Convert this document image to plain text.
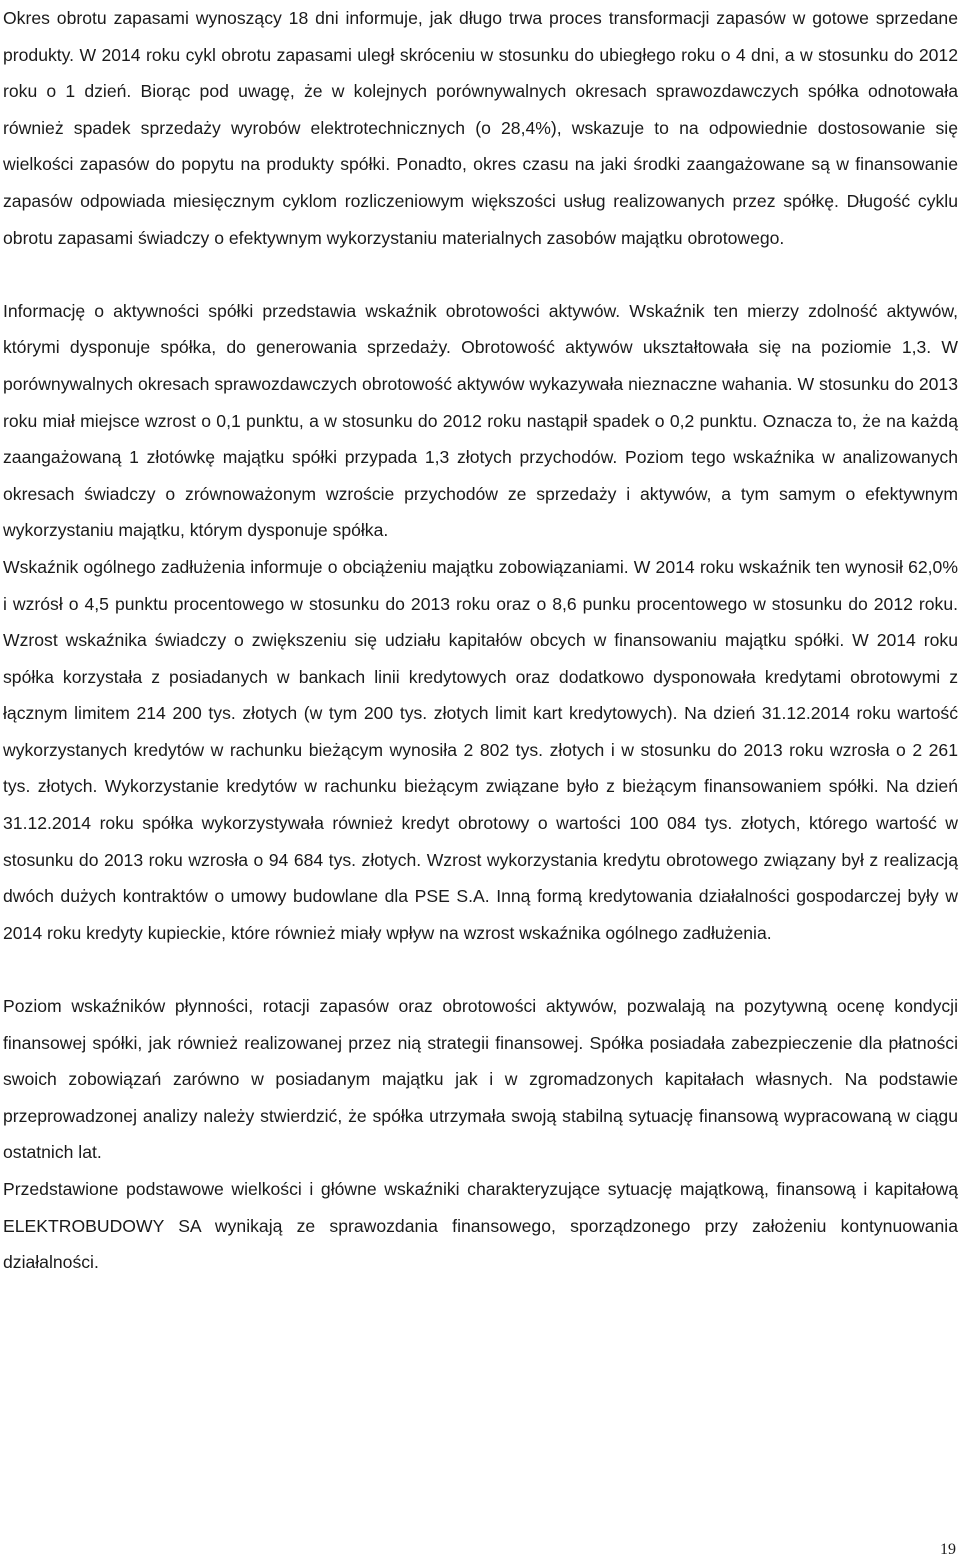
Okres obrotu zapasami wynoszący 18 dni informuje, jak długo trwa proces transformacji zapasów w gotowe sprzedane produkty. W 2014 roku cykl obrotu zapasami uległ skróceniu w stosunku do ubiegłego roku o 4 dni, a w stosunku do 2012 roku o 1 dzień. Biorąc pod uwagę, że w kolejnych porównywalnych okresach sprawozdawczych spółka odnotowała również spadek sprzedaży wyrobów elektrotechnicznych (o 28,4%), wskazuje to na odpowiednie dostosowanie się wielkości zapasów do popytu na produkty spółki. Ponadto, okres czasu na jaki środki zaangażowane są w finansowanie zapasów odpowiada miesięcznym cyklom rozliczeniowym większości usług realizowanych przez spółkę. Długość cyklu obrotu zapasami świadczy o efektywnym wykorzystaniu materialnych zasobów majątku obrotowego.

Informację o aktywności spółki przedstawia wskaźnik obrotowości aktywów. Wskaźnik ten mierzy zdolność aktywów, którymi dysponuje spółka, do generowania sprzedaży. Obrotowość aktywów ukształtowała się na poziomie 1,3. W porównywalnych okresach sprawozdawczych obrotowość aktywów wykazywała nieznaczne wahania. W stosunku do 2013 roku miał miejsce wzrost o 0,1 punktu, a w stosunku do 2012 roku nastąpił spadek o 0,2 punktu. Oznacza to, że na każdą zaangażowaną 1 złotówkę majątku spółki przypada 1,3 złotych przychodów. Poziom tego wskaźnika w analizowanych okresach świadczy o zrównoważonym wzroście przychodów ze sprzedaży i aktywów, a tym samym o efektywnym wykorzystaniu majątku, którym dysponuje spółka.

Wskaźnik ogólnego zadłużenia informuje o obciążeniu majątku zobowiązaniami. W 2014 roku wskaźnik ten wynosił 62,0% i wzrósł o 4,5 punktu procentowego w stosunku do 2013 roku oraz o 8,6 punku procentowego w stosunku do 2012 roku. Wzrost wskaźnika świadczy o zwiększeniu się udziału kapitałów obcych w finansowaniu majątku spółki. W 2014 roku spółka korzystała z posiadanych w bankach linii kredytowych oraz dodatkowo dysponowała kredytami obrotowymi z łącznym limitem 214 200 tys. złotych (w tym 200 tys. złotych limit kart kredytowych). Na dzień 31.12.2014 roku wartość wykorzystanych kredytów w rachunku bieżącym wynosiła 2 802 tys. złotych i w stosunku do 2013 roku wzrosła o 2 261 tys. złotych. Wykorzystanie kredytów w rachunku bieżącym związane było z bieżącym finansowaniem spółki. Na dzień 31.12.2014 roku spółka wykorzystywała również kredyt obrotowy o wartości 100 084 tys. złotych, którego wartość w stosunku do 2013 roku wzrosła o 94 684 tys. złotych. Wzrost wykorzystania kredytu obrotowego związany był z realizacją dwóch dużych kontraktów o umowy budowlane dla PSE S.A. Inną formą kredytowania działalności gospodarczej były w 2014 roku kredyty kupieckie, które również miały wpływ na wzrost wskaźnika ogólnego zadłużenia.

Poziom wskaźników płynności, rotacji zapasów oraz obrotowości aktywów, pozwalają na pozytywną ocenę kondycji finansowej spółki, jak również realizowanej przez nią strategii finansowej. Spółka posiadała zabezpieczenie dla płatności swoich zobowiązań zarówno w posiadanym majątku jak i w zgromadzonych kapitałach własnych. Na podstawie przeprowadzonej analizy należy stwierdzić, że spółka utrzymała swoją stabilną sytuację finansową wypracowaną w ciągu ostatnich lat.

Przedstawione podstawowe wielkości i główne wskaźniki charakteryzujące sytuację majątkową, finansową i kapitałową ELEKTROBUDOWY SA wynikają ze sprawozdania finansowego, sporządzonego przy założeniu kontynuowania działalności.

19
